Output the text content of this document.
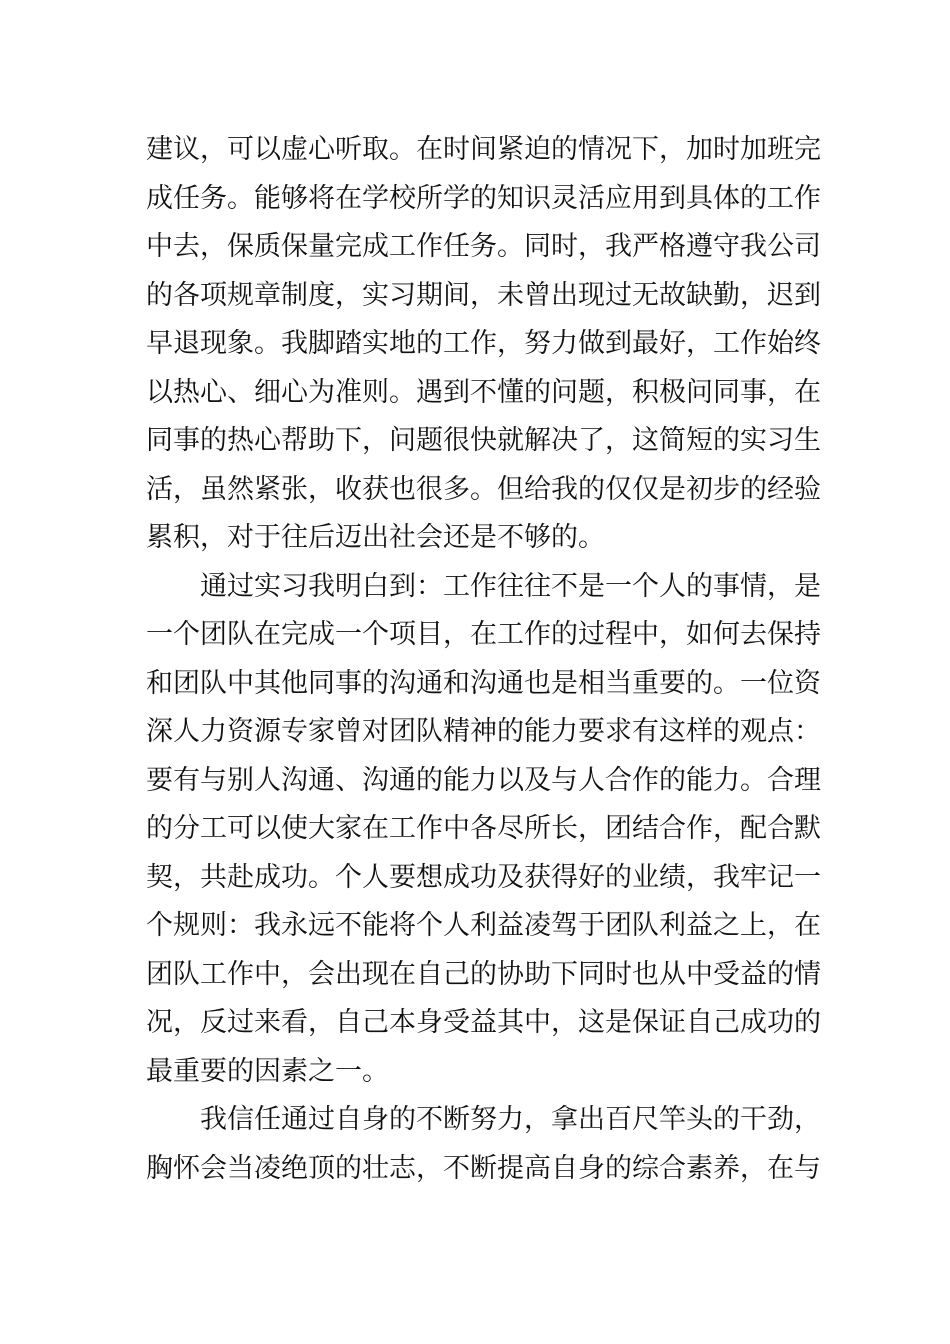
建议，可以虚心听取。在时间紧迫的情况下，加时加班完
成任务。能够将在学校所学的知识灵活应用到具体的工作
中去，保质保量完成工作任务。同时，我严格遵守我公司
的各项规章制度，实习期间，未曾出现过无故缺勤，迟到
早退现象。我脚踏实地的工作，努力做到最好，工作始终
以热心、细心为准则。遇到不懂的问题，积极问同事，在
同事的热心帮助下，问题很快就解决了，这简短的实习生
活，虽然紧张，收获也很多。但给我的仅仅是初步的经验
累积，对于往后迈出社会还是不够的。
　　通过实习我明白到：工作往往不是一个人的事情，是
一个团队在完成一个项目，在工作的过程中，如何去保持
和团队中其他同事的沟通和沟通也是相当重要的。一位资
深人力资源专家曾对团队精神的能力要求有这样的观点：
要有与别人沟通、沟通的能力以及与人合作的能力。合理
的分工可以使大家在工作中各尽所长，团结合作，配合默
契，共赴成功。个人要想成功及获得好的业绩，我牢记一
个规则：我永远不能将个人利益凌驾于团队利益之上，在
团队工作中，会出现在自己的协助下同时也从中受益的情
况，反过来看，自己本身受益其中，这是保证自己成功的
最重要的因素之一。
　　我信任通过自身的不断努力，拿出百尺竿头的干劲，
胸怀会当凌绝顶的壮志，不断提高自身的综合素养，在与
